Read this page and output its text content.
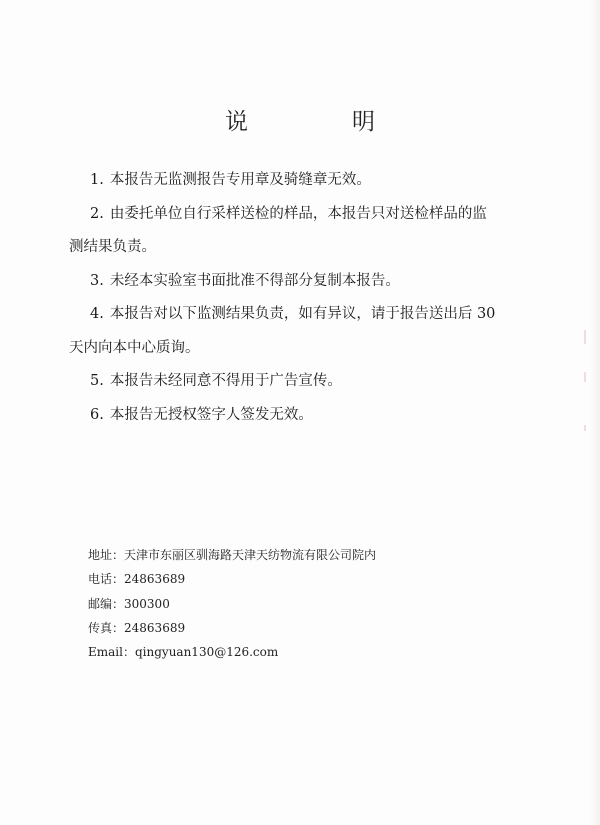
说	明

1. 本报告无监测报告专用章及骑缝章无效。

2. 由委托单位自行采样送检的样品，本报告只对送检样品的监
测结果负责。

3. 未经本实验室书面批准不得部分复制本报告。

4. 本报告对以下监测结果负责，如有异议，请于报告送出后 30
天内向本中心质询。

5. 本报告未经同意不得用于广告宣传。

6. 本报告无授权签字人签发无效。

地址：天津市东丽区驯海路天津天纺物流有限公司院内
电话：24863689
邮编：300300
传真：24863689
Email：qingyuan130@126.com
